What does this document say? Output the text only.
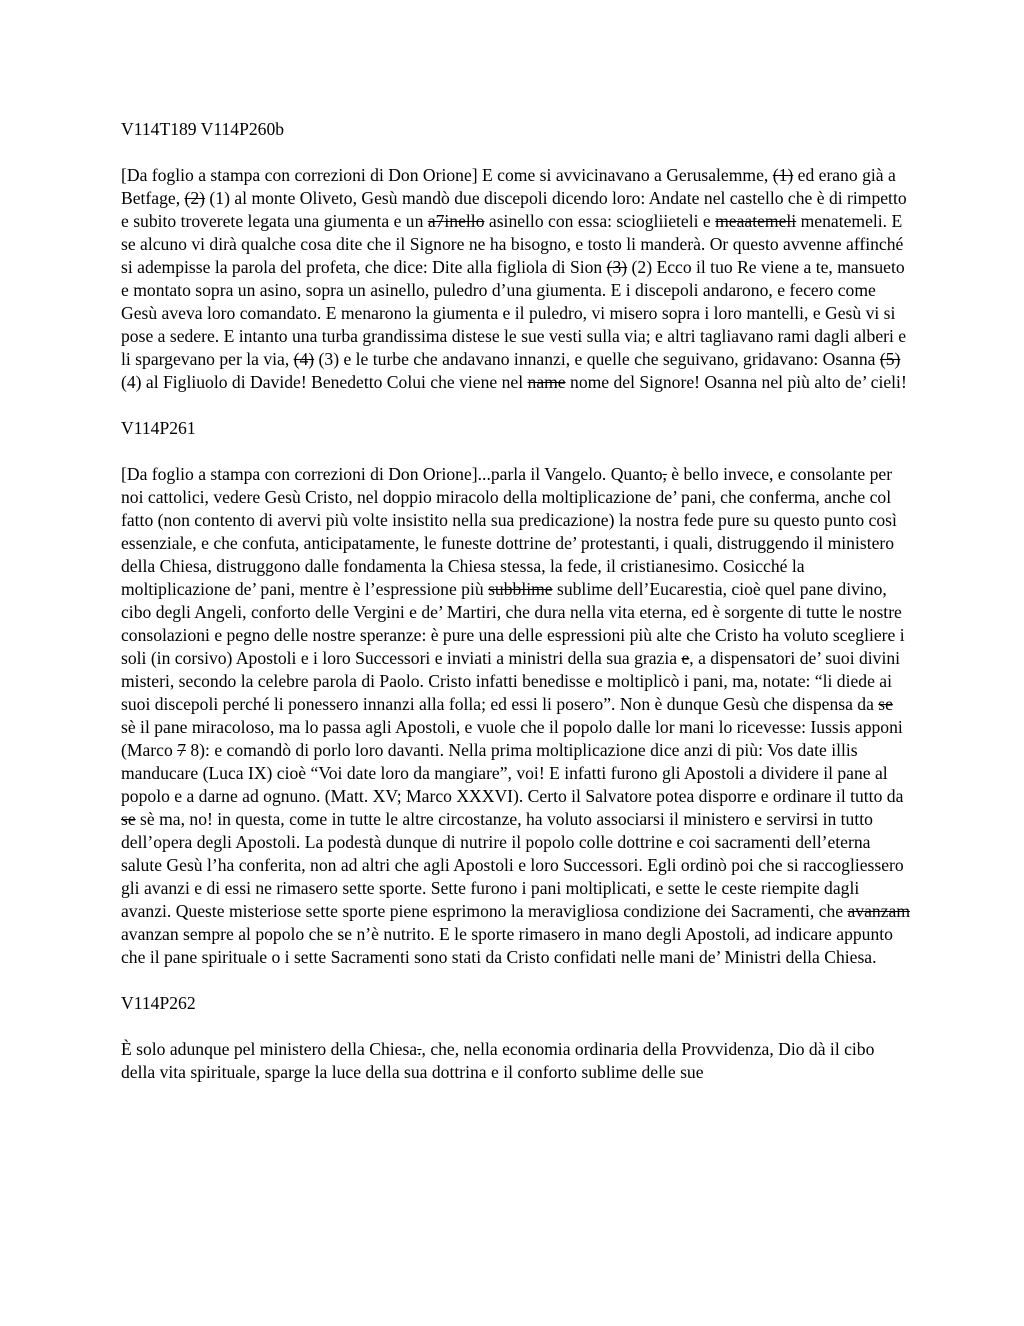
V114T189 V114P260b

[Da foglio a stampa con correzioni di Don Orione] E come si avvicinavano a Gerusalemme, (1) ed erano già a Betfage, (2) (1) al monte Oliveto, Gesù mandò due discepoli dicendo loro: Andate nel castello che è di rimpetto e subito troverete legata una giumenta e un a7inello asinello con essa: sciogliieteli e meaatemeli menatemeli. E se alcuno vi dirà qualche cosa dite che il Signore ne ha bisogno, e tosto li manderà. Or questo avvenne affinché si adempisse la parola del profeta, che dice: Dite alla figliola di Sion (3) (2) Ecco il tuo Re viene a te, mansueto e montato sopra un asino, sopra un asinello, puledro d’una giumenta. E i discepoli andarono, e fecero come Gesù aveva loro comandato. E menarono la giumenta e il puledro, vi misero sopra i loro mantelli, e Gesù vi si pose a sedere. E intanto una turba grandissima distese le sue vesti sulla via; e altri tagliavano rami dagli alberi e li spargevano per la via, (4) (3) e le turbe che andavano innanzi, e quelle che seguivano, gridavano: Osanna (5) (4) al Figliuolo di Davide! Benedetto Colui che viene nel name nome del Signore! Osanna nel più alto de’ cieli!

V114P261

[Da foglio a stampa con correzioni di Don Orione]...parla il Vangelo. Quanto, è bello invece, e consolante per noi cattolici, vedere Gesù Cristo, nel doppio miracolo della moltiplicazione de’ pani, che conferma, anche col fatto (non contento di avervi più volte insistito nella sua predicazione) la nostra fede pure su questo punto così essenziale, e che confuta, anticipatamente, le funeste dottrine de’ protestanti, i quali, distruggendo il ministero della Chiesa, distruggono dalle fondamenta la Chiesa stessa, la fede, il cristianesimo. Cosicché la moltiplicazione de’ pani, mentre è l’espressione più subblime sublime dell’Eucarestia, cioè quel pane divino, cibo degli Angeli, conforto delle Vergini e de’ Martiri, che dura nella vita eterna, ed è sorgente di tutte le nostre consolazioni e pegno delle nostre speranze: è pure una delle espressioni più alte che Cristo ha voluto scegliere i soli (in corsivo) Apostoli e i loro Successori e inviati a ministri della sua grazia e, a dispensatori de’ suoi divini misteri, secondo la celebre parola di Paolo. Cristo infatti benedisse e moltiplicò i pani, ma, notate: “li diede ai suoi discepoli perché li ponessero innanzi alla folla; ed essi li posero”. Non è dunque Gesù che dispensa da se sè il pane miracoloso, ma lo passa agli Apostoli, e vuole che il popolo dalle lor mani lo ricevesse: Iussis apponi (Marco 7 8): e comandò di porlo loro davanti. Nella prima moltiplicazione dice anzi di più: Vos date illis manducare (Luca IX) cioè “Voi date loro da mangiare”, voi! E infatti furono gli Apostoli a dividere il pane al popolo e a darne ad ognuno. (Matt. XV; Marco XXXVI). Certo il Salvatore potea disporre e ordinare il tutto da se sè ma, no! in questa, come in tutte le altre circostanze, ha voluto associarsi il ministero e servirsi in tutto dell’opera degli Apostoli. La podestà dunque di nutrire il popolo colle dottrine e coi sacramenti dell’eterna salute Gesù l’ha conferita, non ad altri che agli Apostoli e loro Successori. Egli ordinò poi che si raccogliessero gli avanzi e di essi ne rimasero sette sporte. Sette furono i pani moltiplicati, e sette le ceste riempite dagli avanzi. Queste misteriose sette sporte piene esprimono la meravigliosa condizione dei Sacramenti, che avanzam avanzan sempre al popolo che se n’è nutrito. E le sporte rimasero in mano degli Apostoli, ad indicare appunto che il pane spirituale o i sette Sacramenti sono stati da Cristo confidati nelle mani de’ Ministri della Chiesa.

V114P262

È solo adunque pel ministero della Chiesa., che, nella economia ordinaria della Provvidenza, Dio dà il cibo della vita spirituale, sparge la luce della sua dottrina e il conforto sublime delle sue
